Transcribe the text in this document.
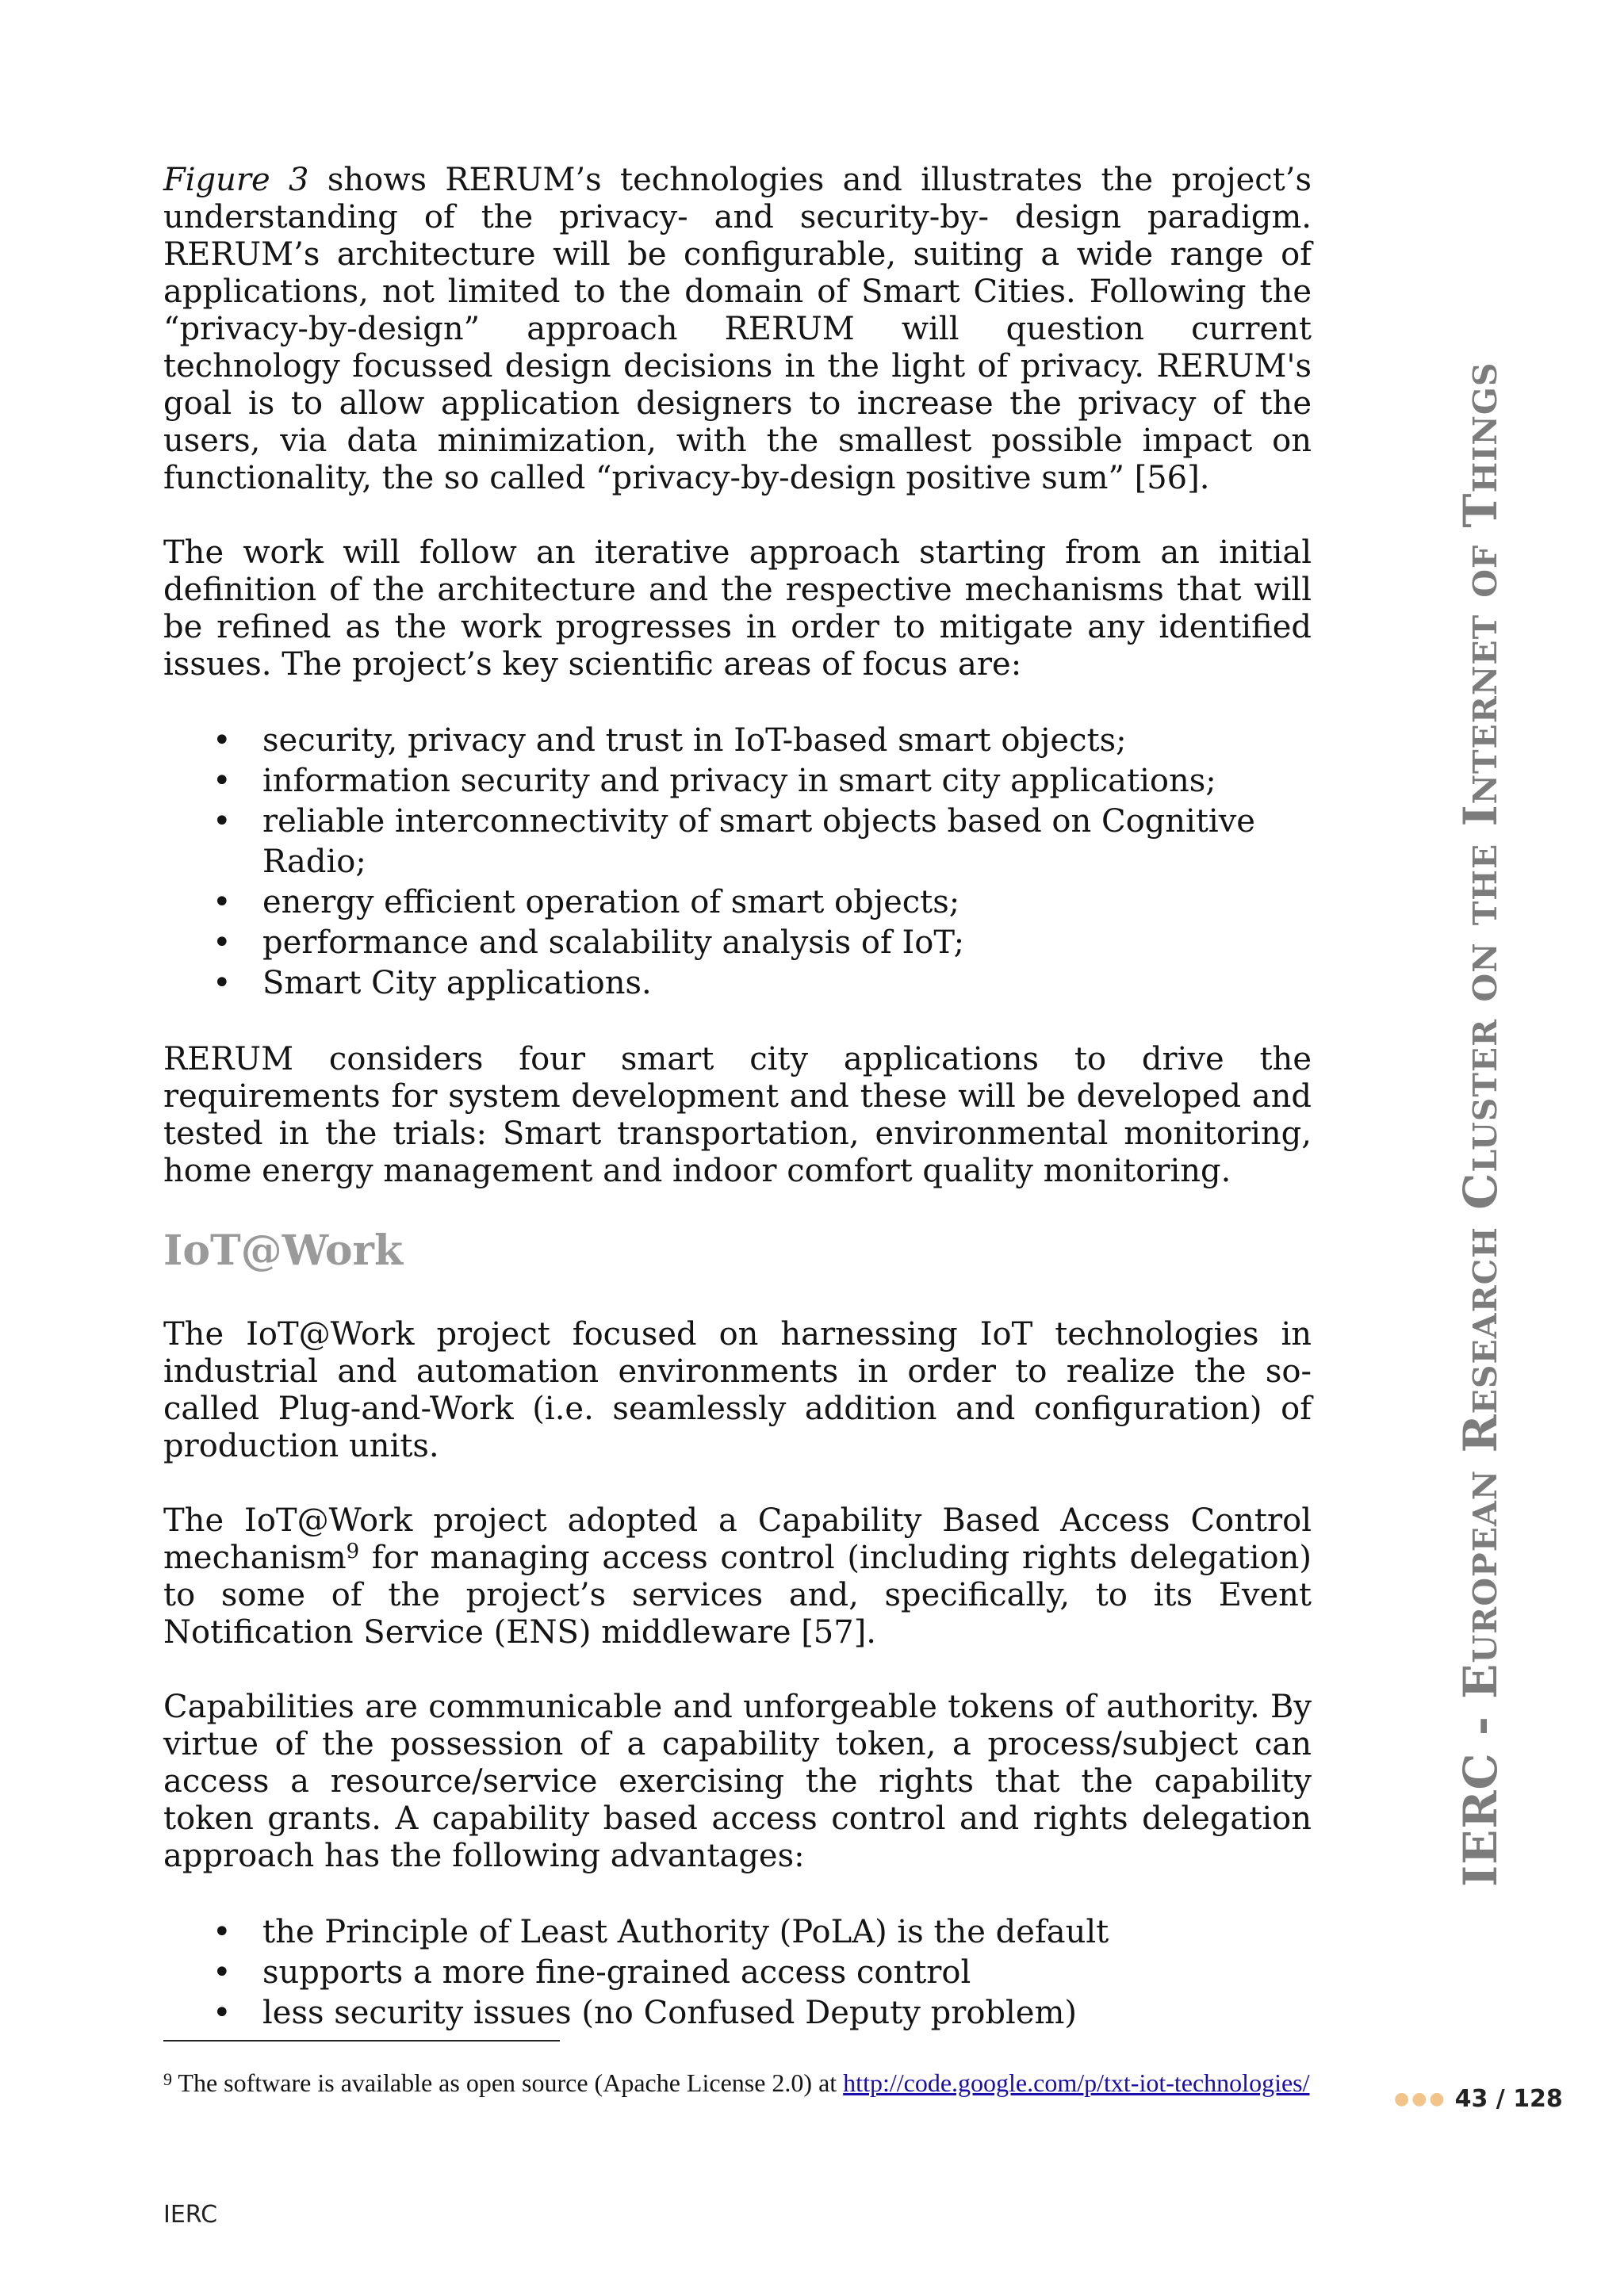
Figure 3 shows RERUM’s technologies and illustrates the project’s understanding of the privacy- and security-by- design paradigm. RERUM’s architecture will be configurable, suiting a wide range of applications, not limited to the domain of Smart Cities. Following the “privacy-by-design” approach RERUM will question current technology focussed design decisions in the light of privacy. RERUM's goal is to allow application designers to increase the privacy of the users, via data minimization, with the smallest possible impact on functionality, the so called “privacy-by-design positive sum” [56].

The work will follow an iterative approach starting from an initial definition of the architecture and the respective mechanisms that will be refined as the work progresses in order to mitigate any identified issues. The project’s key scientific areas of focus are:

• security, privacy and trust in IoT-based smart objects;
• information security and privacy in smart city applications;
• reliable interconnectivity of smart objects based on Cognitive Radio;
• energy efficient operation of smart objects;
• performance and scalability analysis of IoT;
• Smart City applications.

RERUM considers four smart city applications to drive the requirements for system development and these will be developed and tested in the trials: Smart transportation, environmental monitoring, home energy management and indoor comfort quality monitoring.

IoT@Work

The IoT@Work project focused on harnessing IoT technologies in industrial and automation environments in order to realize the so-called Plug-and-Work (i.e. seamlessly addition and configuration) of production units.

The IoT@Work project adopted a Capability Based Access Control mechanism$^9$ for managing access control (including rights delegation) to some of the project’s services and, specifically, to its Event Notification Service (ENS) middleware [57].

Capabilities are communicable and unforgeable tokens of authority. By virtue of the possession of a capability token, a process/subject can access a resource/service exercising the rights that the capability token grants. A capability based access control and rights delegation approach has the following advantages:

• the Principle of Least Authority (PoLA) is the default
• supports a more fine-grained access control
• less security issues (no Confused Deputy problem)
$^9$ The software is available as open source (Apache License 2.0) at http://code.google.com/p/txt-iot-technologies/
IERC - European Research Cluster on the Internet of Things
●●● 43 / 128
IERC
